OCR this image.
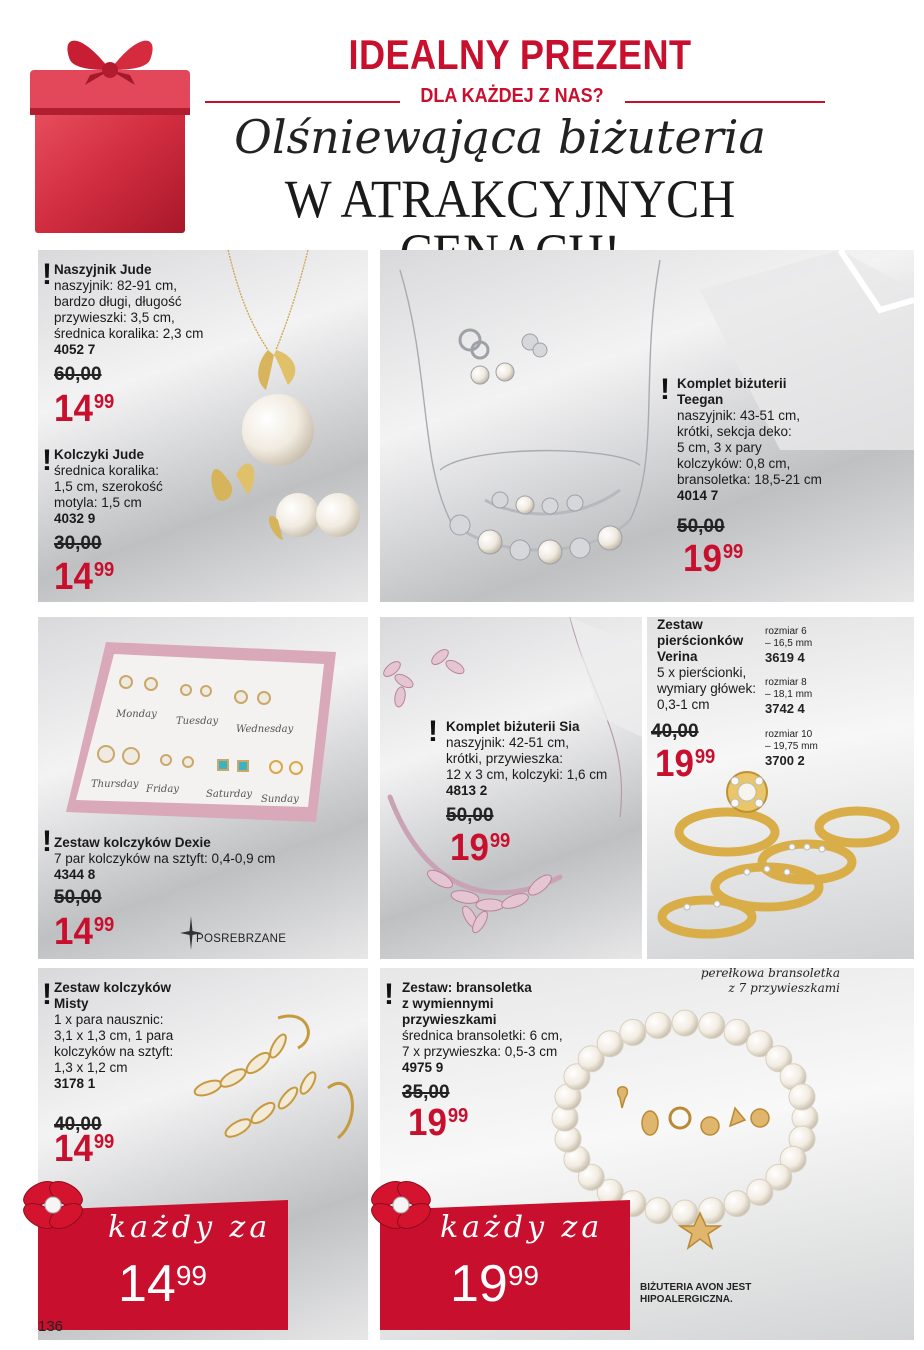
IDEALNY PREZENT
DLA KAŻDEJ Z NAS?
Olśniewająca biżuteria
W ATRAKCYJNYCH
! Naszyjnik Jude
naszyjnik: 82-91 cm,
bardzo długi, długość
przywieszki: 3,5 cm,
średnica koralika: 2,3 cm
4052 7
60,00
$14^{99}$
! Kolczyki Jude
średnica koralika:
1,5 cm, szerokość
motyla: 1,5 cm
4032 9
30,00
$14^{99}$
! Komplet biżuterii
Teegan
naszyjnik: 43-51 cm,
krótki, sekcja deko:
5 cm, 3 x pary
kolczyków: 0,8 cm,
bransoletka: 18,5-21 cm
4014 7
50,00
$19^{99}$
Monday
Tuesday
Wednesday
Thursday Friday	Saturday Sunday
! Zestaw kolczyków Dexie
7 par kolczyków na sztyft: 0,4-0,9 cm
4344 8
50,00
$14^{99}$
POSREBRZANE
! Komplet biżuterii Sia
naszyjnik: 42-51 cm,
krótki, przywieszka:
12 x 3 cm, kolczyki: 1,6 cm
4813 2
50,00
$19^{99}$
Zestaw
pierścionków
Verina
5 x pierścionki,
wymiary główek:
0,3-1 cm
40,00
$19^{99}$
rozmiar 6
– 16,5 mm
3619 4
rozmiar 8
– 18,1 mm
3742 4
rozmiar 10
– 19,75 mm
3700 2
! Zestaw kolczyków
Misty
1 x para nausznic:
3,1 x 1,3 cm, 1 para
kolczyków na sztyft:
1,3 x 1,2 cm
3178 1
40,00
$14^{99}$
! Zestaw: bransoletka
z wymiennymi
przywieszkami
średnica bransoletki: 6 cm,
7 x przywieszka: 0,5-3 cm
4975 9
35,00
$19^{99}$
perełkowa bransoletka
z 7 przywieszkami
każdy za
$14^{99}$
każdy za
$19^{99}$	BIŻUTERIA AVON JEST
HIPOALERGICZNA.
136
